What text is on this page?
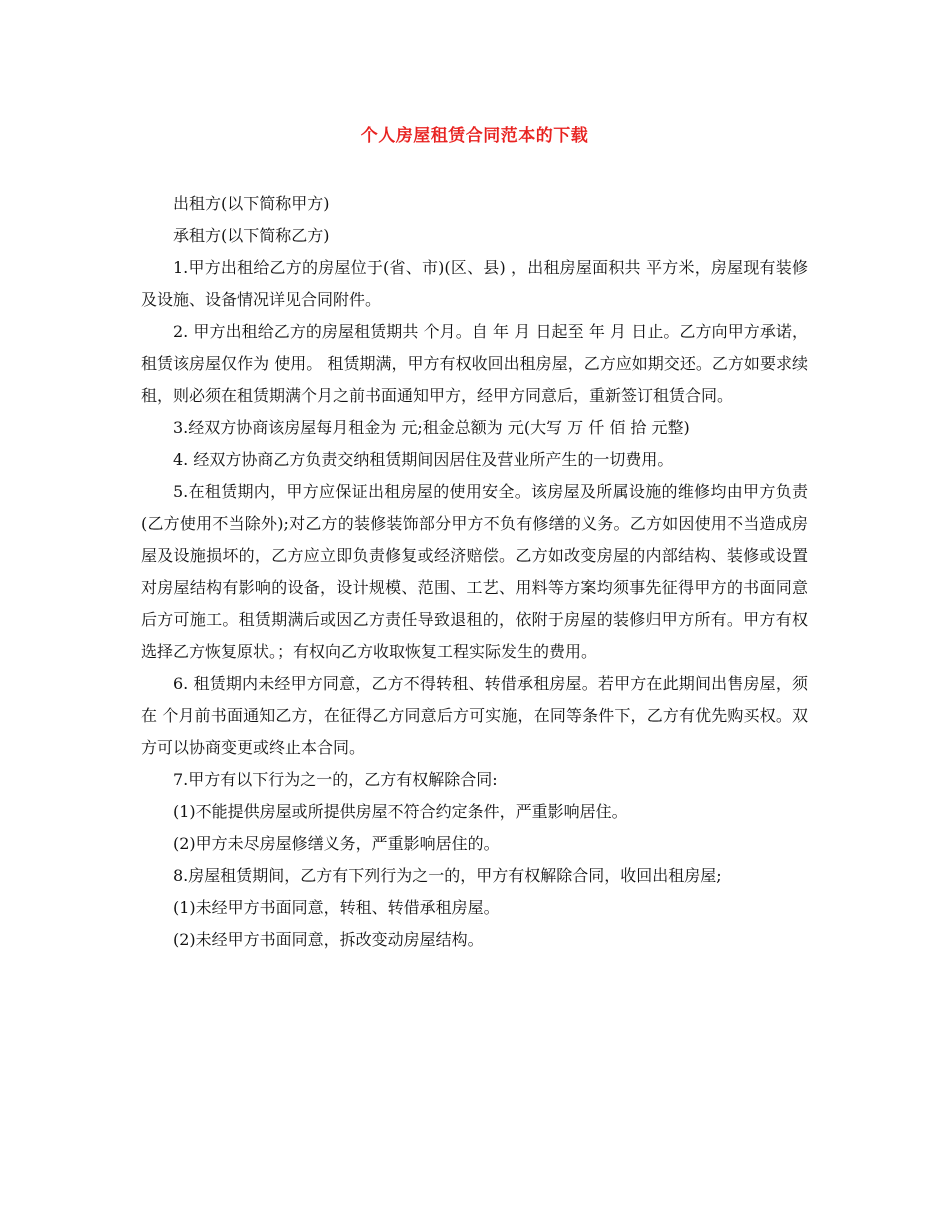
个人房屋租赁合同范本的下载

出租方(以下简称甲方)

承租方(以下简称乙方)

1.甲方出租给乙方的房屋位于(省、市)(区、县) ，出租房屋面积共 平方米，房屋现有装修及设施、设备情况详见合同附件。

2. 甲方出租给乙方的房屋租赁期共 个月。自 年 月 日起至 年 月 日止。乙方向甲方承诺，租赁该房屋仅作为 使用。 租赁期满，甲方有权收回出租房屋，乙方应如期交还。乙方如要求续租，则必须在租赁期满个月之前书面通知甲方，经甲方同意后，重新签订租赁合同。

3.经双方协商该房屋每月租金为 元;租金总额为 元(大写 万 仟 佰 拾 元整)

4. 经双方协商乙方负责交纳租赁期间因居住及营业所产生的一切费用。

5.在租赁期内，甲方应保证出租房屋的使用安全。该房屋及所属设施的维修均由甲方负责(乙方使用不当除外);对乙方的装修装饰部分甲方不负有修缮的义务。乙方如因使用不当造成房屋及设施损坏的，乙方应立即负责修复或经济赔偿。乙方如改变房屋的内部结构、装修或设置对房屋结构有影响的设备，设计规模、范围、工艺、用料等方案均须事先征得甲方的书面同意后方可施工。租赁期满后或因乙方责任导致退租的，依附于房屋的装修归甲方所有。甲方有权选择乙方恢复原状。；有权向乙方收取恢复工程实际发生的费用。

6. 租赁期内未经甲方同意，乙方不得转租、转借承租房屋。若甲方在此期间出售房屋，须在 个月前书面通知乙方，在征得乙方同意后方可实施，在同等条件下，乙方有优先购买权。双方可以协商变更或终止本合同。

7.甲方有以下行为之一的，乙方有权解除合同:

(1)不能提供房屋或所提供房屋不符合约定条件，严重影响居住。

(2)甲方未尽房屋修缮义务，严重影响居住的。

8.房屋租赁期间，乙方有下列行为之一的，甲方有权解除合同，收回出租房屋;

(1)未经甲方书面同意，转租、转借承租房屋。

(2)未经甲方书面同意，拆改变动房屋结构。
